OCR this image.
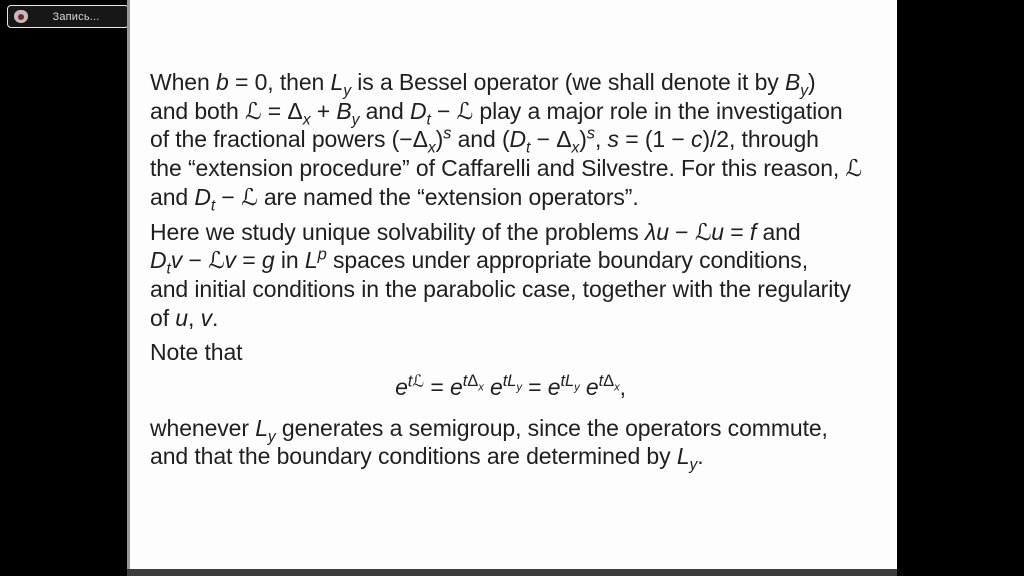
Запись...
When b = 0, then $L_y$ is a Bessel operator (we shall denote it by $B_y$)
and both ℒ = $\Delta_x + B_y$ and $D_t$ − ℒ play a major role in the investigation
of the fractional powers $(-\Delta_x)^s$ and $(D_t - \Delta_x)^s$, s = (1 − c)/2, through
the “extension procedure” of Caffarelli and Silvestre. For this reason, ℒ
and $D_t$ − ℒ are named the “extension operators”.
Here we study unique solvability of the problems λu − ℒu = f and
$D_tv$ − ℒv = g in $L^p$ spaces under appropriate boundary conditions,
and initial conditions in the parabolic case, together with the regularity
of u, v.
Note that
$e^{tℒ} = e^{t\Delta_x}$ $e^{tL_y} = e^{tL_y}$ $e^{t\Delta_x}$,
whenever $L_y$ generates a semigroup, since the operators commute,
and that the boundary conditions are determined by $L_y$.
